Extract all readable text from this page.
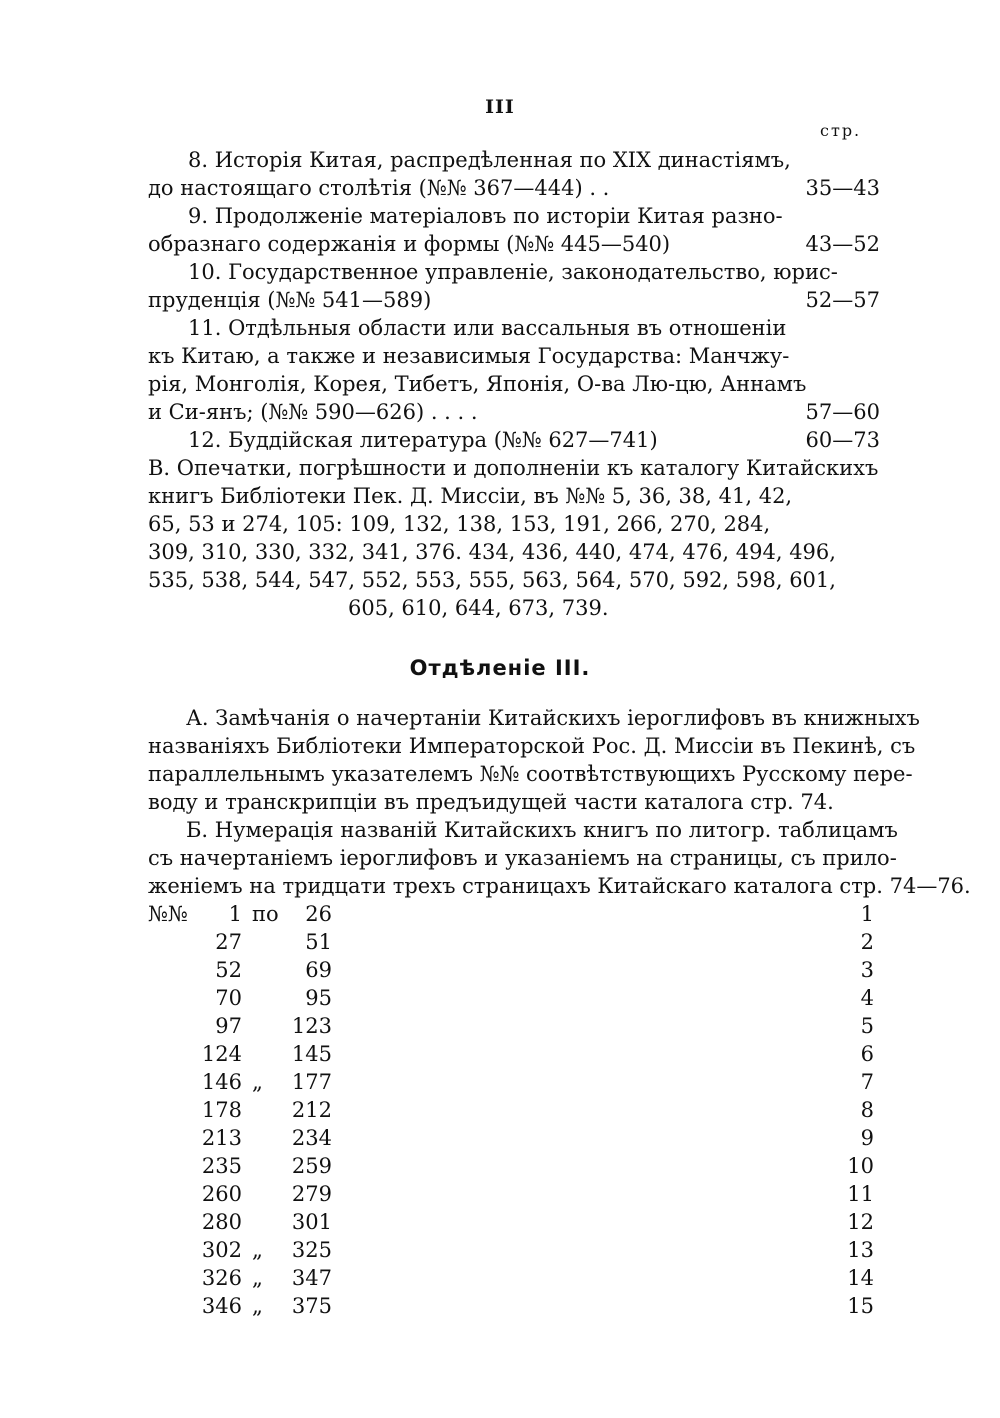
III
стр.
8. Исторія Китая, распредѣленная по XIX династіямъ,
до настоящаго столѣтія (№№ 367—444) . .	35—43
9. Продолженіе матеріаловъ по исторіи Китая разно-
образнаго содержанія и формы (№№ 445—540)	43—52
10. Государственное управленіе, законодательство, юрис-
пруденція (№№ 541—589)	52—57
11. Отдѣльныя области или вассальныя въ отношеніи
къ Китаю, а также и независимыя Государства: Манчжу-
рія, Монголія, Корея, Тибетъ, Японія, О-ва Лю-цю, Аннамъ
и Си-янъ; (№№ 590—626) . . . .	57—60
12. Буддійская литература (№№ 627—741)	60—73
В. Опечатки, погрѣшности и дополненіи къ каталогу Китайскихъ
книгъ Библіотеки Пек. Д. Миссіи, въ №№ 5, 36, 38, 41, 42,
65, 53 и 274, 105: 109, 132, 138, 153, 191, 266, 270, 284,
309, 310, 330, 332, 341, 376. 434, 436, 440, 474, 476, 494, 496,
535, 538, 544, 547, 552, 553, 555, 563, 564, 570, 592, 598, 601,
605, 610, 644, 673, 739.
Отдѣленіе III.
А. Замѣчанія о начертаніи Китайскихъ іероглифовъ въ книжныхъ
названіяхъ Библіотеки Императорской Рос. Д. Миссіи въ Пекинѣ, съ
параллельнымъ указателемъ №№ соотвѣтствующихъ Русскому пере-
воду и транскрипціи въ предъидущей части каталога стр. 74.
Б. Нумерація названій Китайскихъ книгъ по литогр. таблицамъ
съ начертаніемъ іероглифовъ и указаніемъ на страницы, съ прило-
женіемъ на тридцати трехъ страницахъ Китайскаго каталога стр. 74—76.
№№	1 по	26	1
27	51	2
52	69	3
70	95	4
97	123	5
124	145	6
146 „	177	7
178	212	8
213	234	9
235	259	10
260	279	11
280	301	12
302 „	325	13
326 „	347	14
346 „	375	15
